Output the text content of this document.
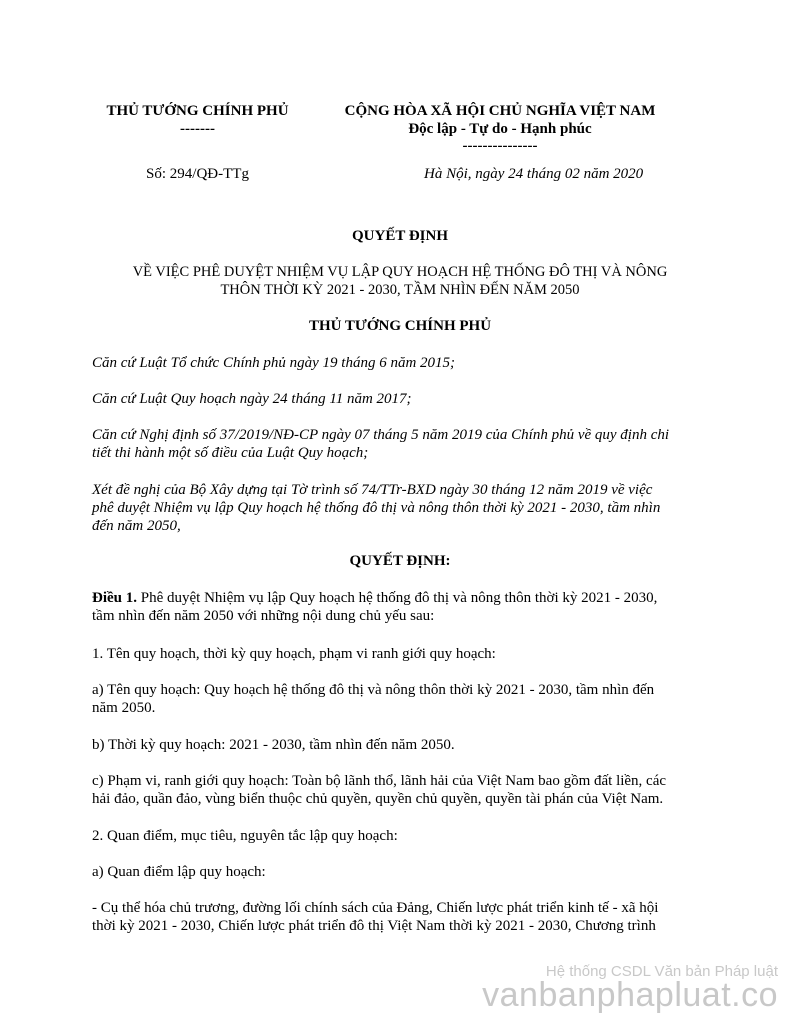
THỦ TƯỚNG CHÍNH PHỦ
-------
CỘNG HÒA XÃ HỘI CHỦ NGHĨA VIỆT NAM
Độc lập - Tự do - Hạnh phúc
---------------
Số: 294/QĐ-TTg	Hà Nội, ngày 24 tháng 02 năm 2020
QUYẾT ĐỊNH
VỀ VIỆC PHÊ DUYỆT NHIỆM VỤ LẬP QUY HOẠCH HỆ THỐNG ĐÔ THỊ VÀ NÔNG
THÔN THỜI KỲ 2021 - 2030, TẦM NHÌN ĐẾN NĂM 2050
THỦ TƯỚNG CHÍNH PHỦ
Căn cứ Luật Tổ chức Chính phủ ngày 19 tháng 6 năm 2015;
Căn cứ Luật Quy hoạch ngày 24 tháng 11 năm 2017;
Căn cứ Nghị định số 37/2019/NĐ-CP ngày 07 tháng 5 năm 2019 của Chính phủ về quy định chi
tiết thi hành một số điều của Luật Quy hoạch;
Xét đề nghị của Bộ Xây dựng tại Tờ trình số 74/TTr-BXD ngày 30 tháng 12 năm 2019 về việc
phê duyệt Nhiệm vụ lập Quy hoạch hệ thống đô thị và nông thôn thời kỳ 2021 - 2030, tầm nhìn
đến năm 2050,
QUYẾT ĐỊNH:
Điều 1. Phê duyệt Nhiệm vụ lập Quy hoạch hệ thống đô thị và nông thôn thời kỳ 2021 - 2030,
tầm nhìn đến năm 2050 với những nội dung chủ yếu sau:
1. Tên quy hoạch, thời kỳ quy hoạch, phạm vi ranh giới quy hoạch:
a) Tên quy hoạch: Quy hoạch hệ thống đô thị và nông thôn thời kỳ 2021 - 2030, tầm nhìn đến
năm 2050.
b) Thời kỳ quy hoạch: 2021 - 2030, tầm nhìn đến năm 2050.
c) Phạm vi, ranh giới quy hoạch: Toàn bộ lãnh thổ, lãnh hải của Việt Nam bao gồm đất liền, các
hải đảo, quần đảo, vùng biển thuộc chủ quyền, quyền chủ quyền, quyền tài phán của Việt Nam.
2. Quan điểm, mục tiêu, nguyên tắc lập quy hoạch:
a) Quan điểm lập quy hoạch:
- Cụ thể hóa chủ trương, đường lối chính sách của Đảng, Chiến lược phát triển kinh tế - xã hội
thời kỳ 2021 - 2030, Chiến lược phát triển đô thị Việt Nam thời kỳ 2021 - 2030, Chương trình
Hệ thống CSDL Văn bản Pháp luật
vanbanphapluat.co
